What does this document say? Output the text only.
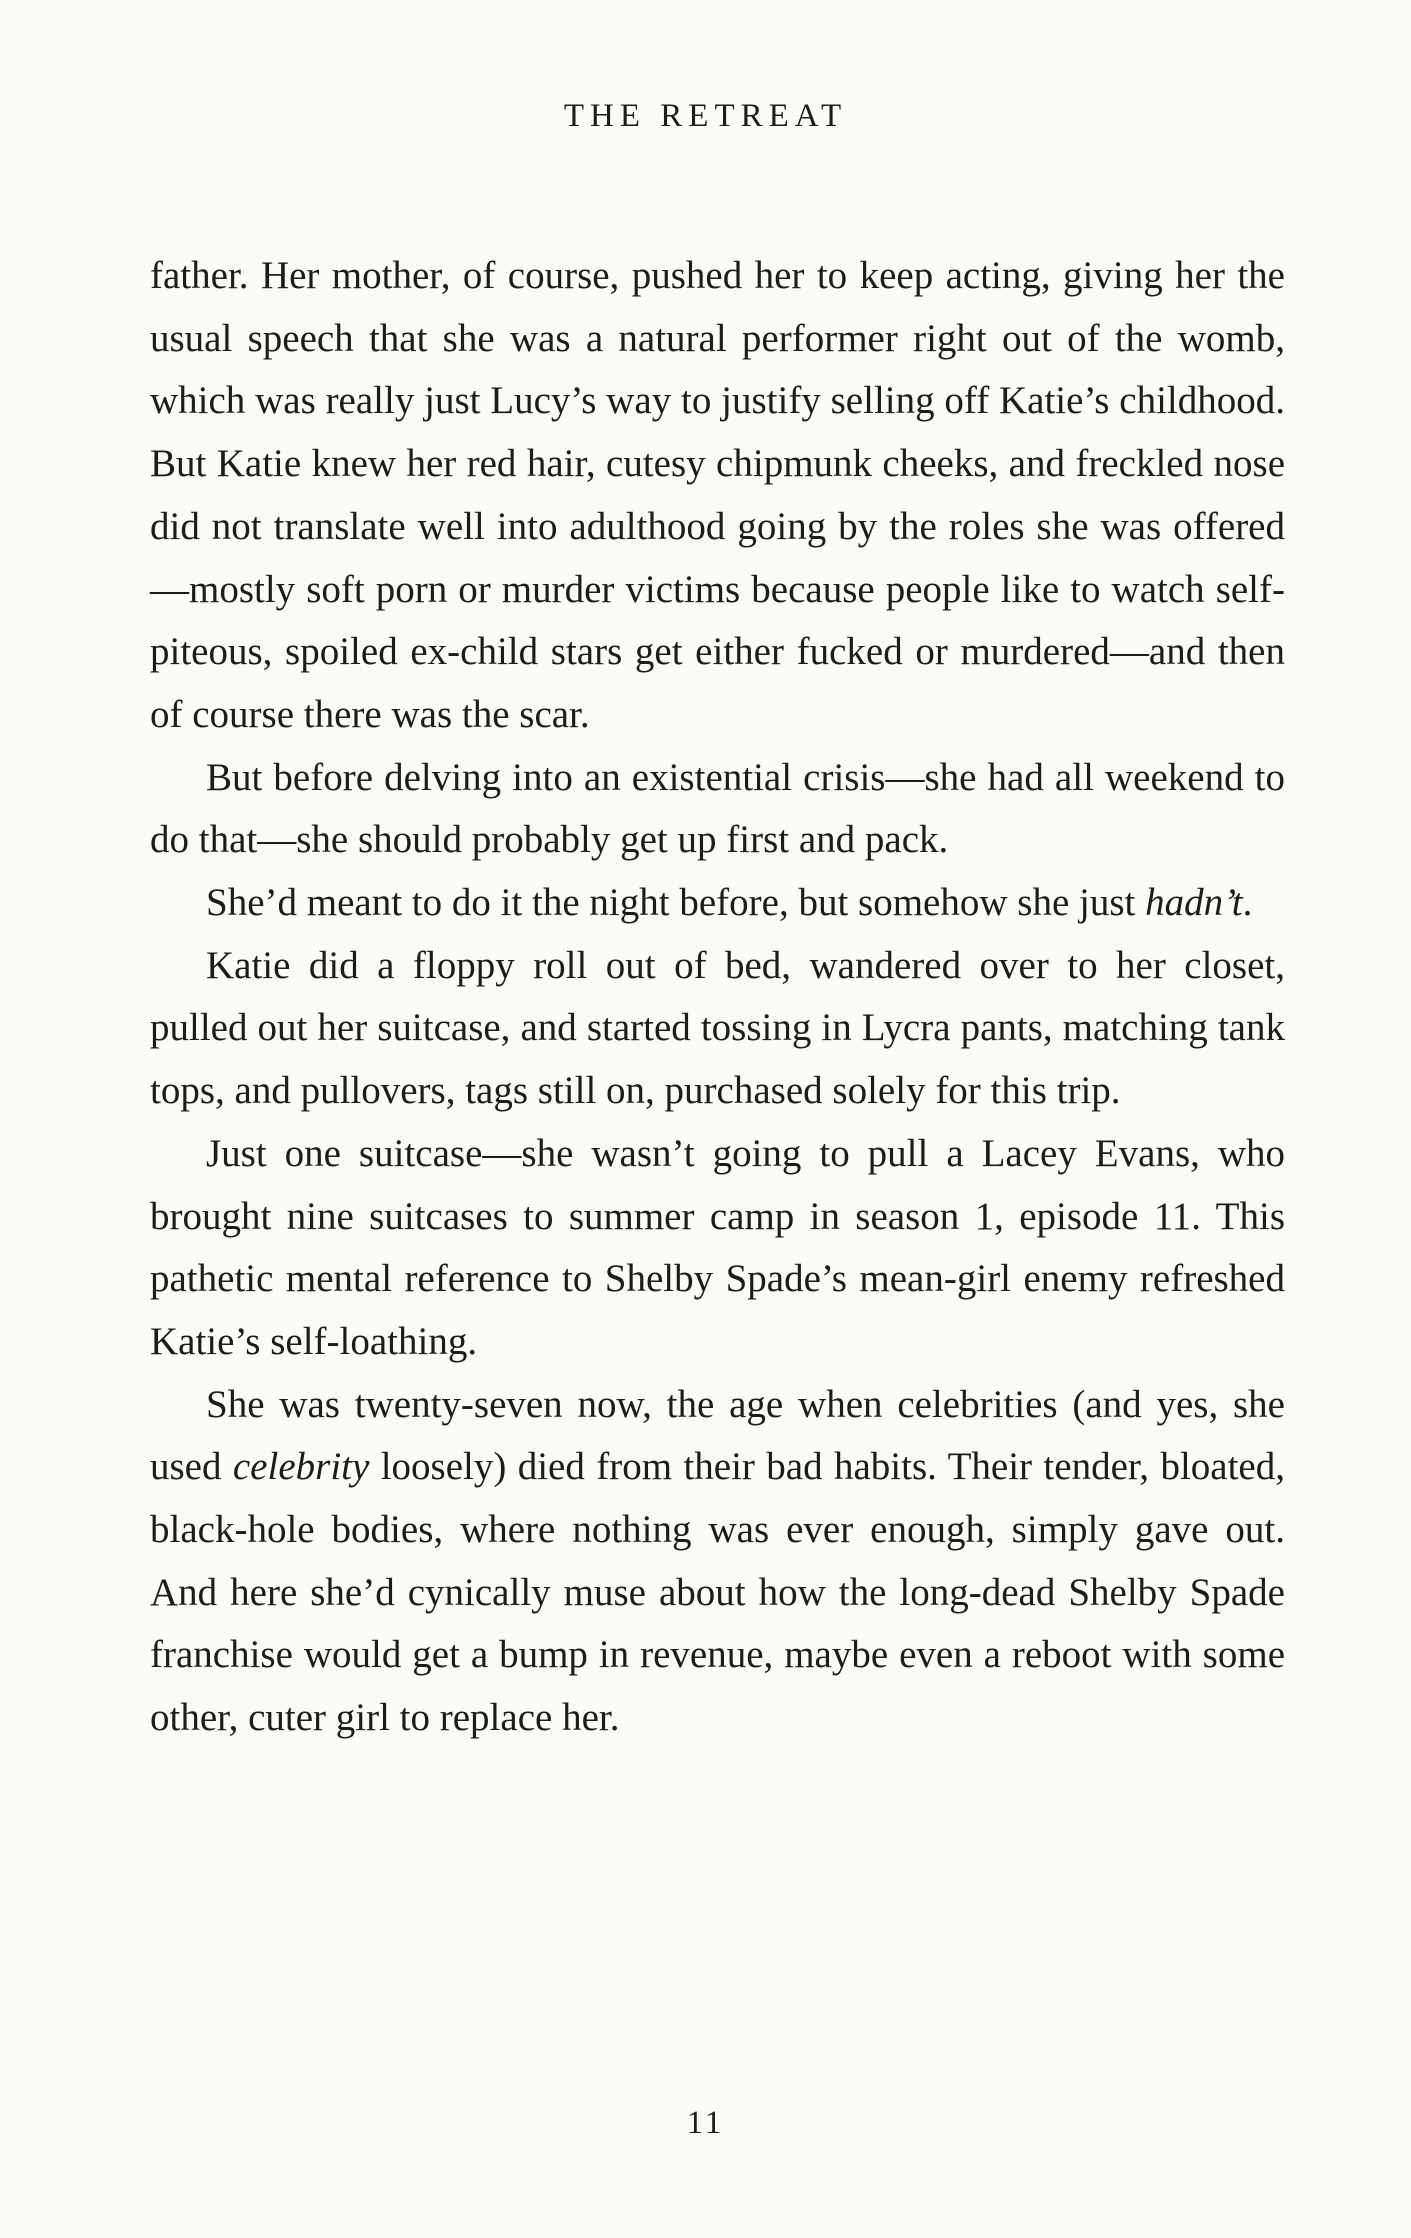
THE RETREAT

father. Her mother, of course, pushed her to keep acting, giving her the usual speech that she was a natural performer right out of the womb, which was really just Lucy’s way to justify selling off Katie’s childhood. But Katie knew her red hair, cutesy chipmunk cheeks, and freckled nose did not translate well into adulthood going by the roles she was offered—mostly soft porn or murder victims because people like to watch self-piteous, spoiled ex-child stars get either fucked or murdered—and then of course there was the scar.

But before delving into an existential crisis—she had all weekend to do that—she should probably get up first and pack.

She’d meant to do it the night before, but somehow she just hadn’t.

Katie did a floppy roll out of bed, wandered over to her closet, pulled out her suitcase, and started tossing in Lycra pants, matching tank tops, and pullovers, tags still on, purchased solely for this trip.

Just one suitcase—she wasn’t going to pull a Lacey Evans, who brought nine suitcases to summer camp in season 1, episode 11. This pathetic mental reference to Shelby Spade’s mean-girl enemy refreshed Katie’s self-loathing.

She was twenty-seven now, the age when celebrities (and yes, she used celebrity loosely) died from their bad habits. Their tender, bloated, black-hole bodies, where nothing was ever enough, simply gave out. And here she’d cynically muse about how the long-dead Shelby Spade franchise would get a bump in revenue, maybe even a reboot with some other, cuter girl to replace her.

11
